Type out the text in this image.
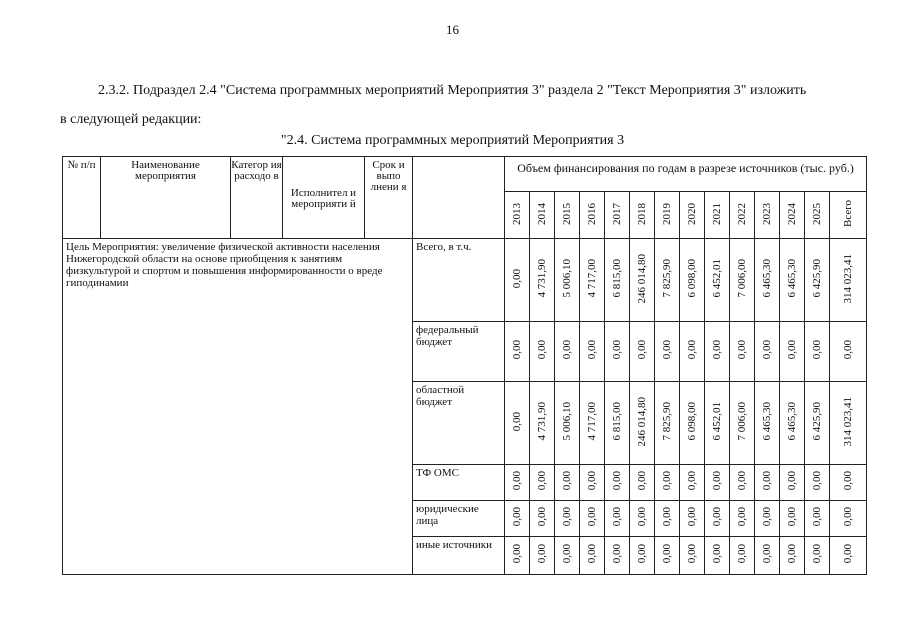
16
2.3.2. Подраздел 2.4 "Система программных мероприятий Мероприятия 3" раздела 2 "Текст Мероприятия 3" изложить
в следующей редакции:
"2.4. Система программных мероприятий Мероприятия 3
№ п/п	Наименование мероприятия	Категор ия расходо в	Исполнител и мероприяти й	Срок и выпо лнени я		Объем финансирования по годам в разрезе источников (тыс. руб.)													
						2013	2014	2015	2016	2017	2018	2019	2020	2021	2022	2023	2024	2025	Всего
Цель Мероприятия: увеличение физической активности населения Нижегородской области на основе приобщения к занятиям физкультурой и спортом и повышения информированности о вреде гиподинамии					Всего, в т.ч.	0,00	4 731,90	5 006,10	4 717,00	6 815,00	246 014,80	7 825,90	6 098,00	6 452,01	7 006,00	6 465,30	6 465,30	6 425,90	314 023,41
					федеральный бюджет	0,00	0,00	0,00	0,00	0,00	0,00	0,00	0,00	0,00	0,00	0,00	0,00	0,00	0,00
					областной бюджет	0,00	4 731,90	5 006,10	4 717,00	6 815,00	246 014,80	7 825,90	6 098,00	6 452,01	7 006,00	6 465,30	6 465,30	6 425,90	314 023,41
					ТФ ОМС	0,00	0,00	0,00	0,00	0,00	0,00	0,00	0,00	0,00	0,00	0,00	0,00	0,00	0,00
					юридические лица	0,00	0,00	0,00	0,00	0,00	0,00	0,00	0,00	0,00	0,00	0,00	0,00	0,00	0,00
					иные источники	0,00	0,00	0,00	0,00	0,00	0,00	0,00	0,00	0,00	0,00	0,00	0,00	0,00	0,00
